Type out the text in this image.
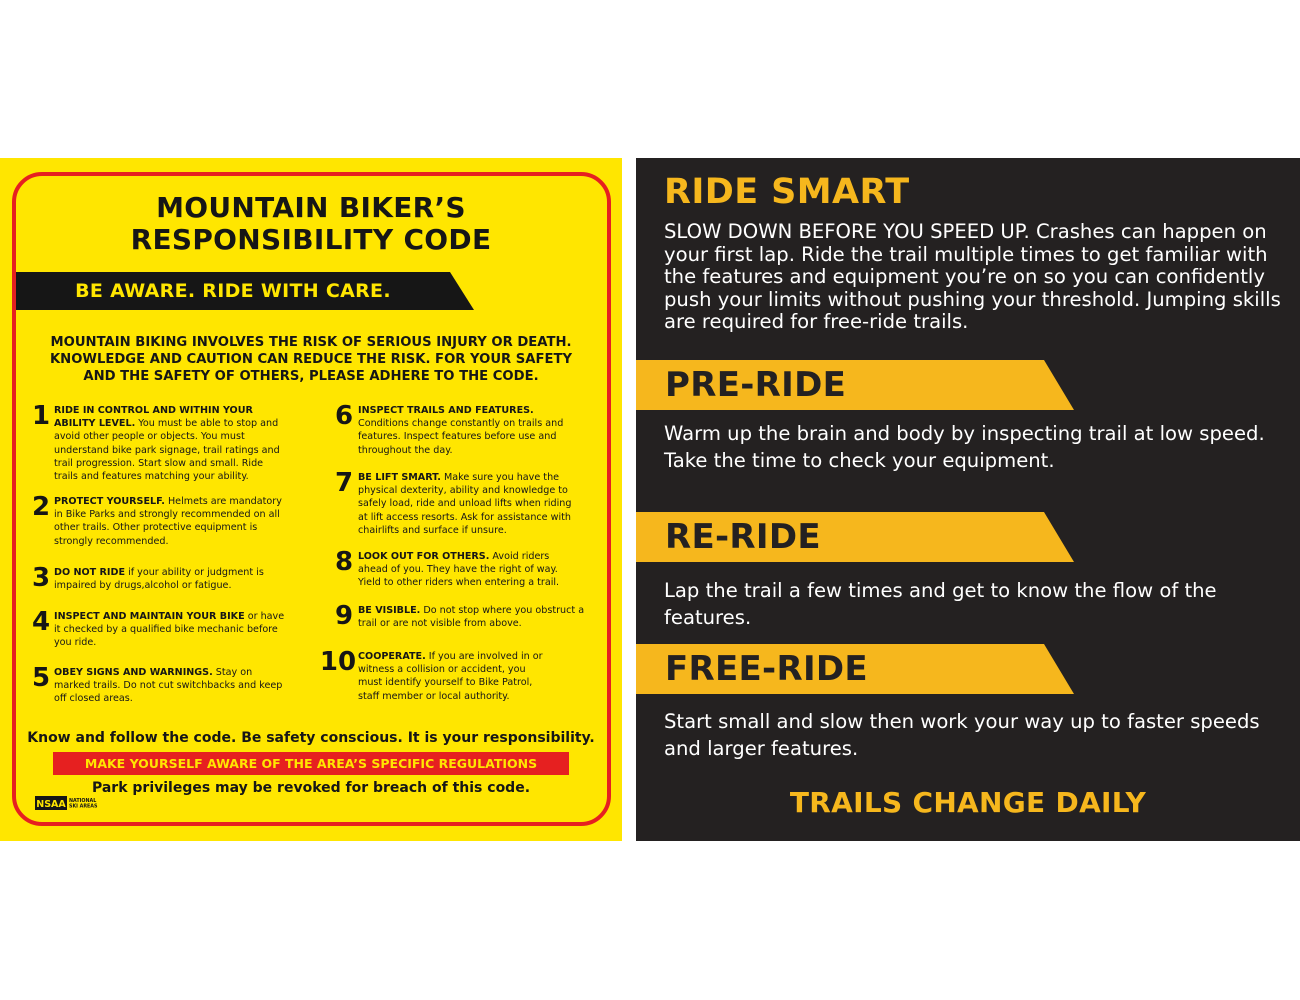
MOUNTAIN BIKER’S
RESPONSIBILITY CODE
BE AWARE. RIDE WITH CARE.
MOUNTAIN BIKING INVOLVES THE RISK OF SERIOUS INJURY OR DEATH.
KNOWLEDGE AND CAUTION CAN REDUCE THE RISK. FOR YOUR SAFETY
AND THE SAFETY OF OTHERS, PLEASE ADHERE TO THE CODE.
1 RIDE IN CONTROL AND WITHIN YOUR ABILITY LEVEL. You must be able to stop and avoid other people or objects. You must understand bike park signage, trail ratings and trail progression. Start slow and small. Ride trails and features matching your ability.
2 PROTECT YOURSELF. Helmets are mandatory in Bike Parks and strongly recommended on all other trails. Other protective equipment is strongly recommended.
3 DO NOT RIDE if your ability or judgment is impaired by drugs,alcohol or fatigue.
4 INSPECT AND MAINTAIN YOUR BIKE or have it checked by a qualified bike mechanic before you ride.
5 OBEY SIGNS AND WARNINGS. Stay on marked trails. Do not cut switchbacks and keep off closed areas.
6 INSPECT TRAILS AND FEATURES. Conditions change constantly on trails and features. Inspect features before use and throughout the day.
7 BE LIFT SMART. Make sure you have the physical dexterity, ability and knowledge to safely load, ride and unload lifts when riding at lift access resorts. Ask for assistance with chairlifts and surface if unsure.
8 LOOK OUT FOR OTHERS. Avoid riders ahead of you. They have the right of way. Yield to other riders when entering a trail.
9 BE VISIBLE. Do not stop where you obstruct a trail or are not visible from above.
10 COOPERATE. If you are involved in or witness a collision or accident, you must identify yourself to Bike Patrol, staff member or local authority.
Know and follow the code. Be safety conscious. It is your responsibility.
MAKE YOURSELF AWARE OF THE AREA’S SPECIFIC REGULATIONS
Park privileges may be revoked for breach of this code.
NSAA NATIONAL
SKI AREAS
RIDE SMART
SLOW DOWN BEFORE YOU SPEED UP. Crashes can happen on your first lap. Ride the trail multiple times to get familiar with the features and equipment you’re on so you can confidently push your limits without pushing your threshold. Jumping skills are required for free-ride trails.
PRE-RIDE
Warm up the brain and body by inspecting trail at low speed. Take the time to check your equipment.
RE-RIDE
Lap the trail a few times and get to know the flow of the features.
FREE-RIDE
Start small and slow then work your way up to faster speeds and larger features.
TRAILS CHANGE DAILY
